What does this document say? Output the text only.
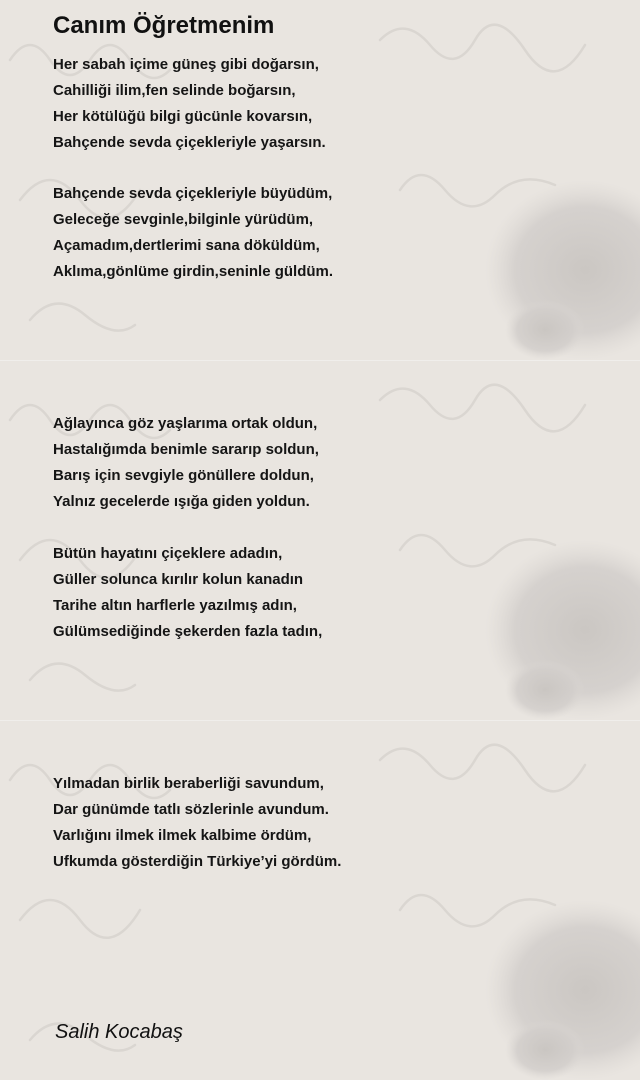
Canım Öğretmenim
Her sabah içime güneş gibi doğarsın,
Cahilliği ilim,fen selinde boğarsın,
Her kötülüğü bilgi gücünle kovarsın,
Bahçende sevda çiçekleriyle yaşarsın.
Bahçende sevda çiçekleriyle büyüdüm,
Geleceğe sevginle,bilginle yürüdüm,
Açamadım,dertlerimi sana döküldüm,
Aklıma,gönlüme girdin,seninle güldüm.
Ağlayınca göz yaşlarıma ortak oldun,
Hastalığımda benimle sararıp soldun,
Barış için sevgiyle gönüllere doldun,
Yalnız gecelerde ışığa giden yoldun.
Bütün hayatını çiçeklere adadın,
Güller solunca kırılır kolun kanadın
Tarihe altın harflerle yazılmış adın,
Gülümsediğinde şekerden fazla tadın,
Yılmadan birlik beraberliği savundum,
Dar günümde tatlı sözlerinle avundum.
Varlığını ilmek ilmek kalbime ördüm,
Ufkumda gösterdiğin Türkiye’yi gördüm.

Salih Kocabaş
